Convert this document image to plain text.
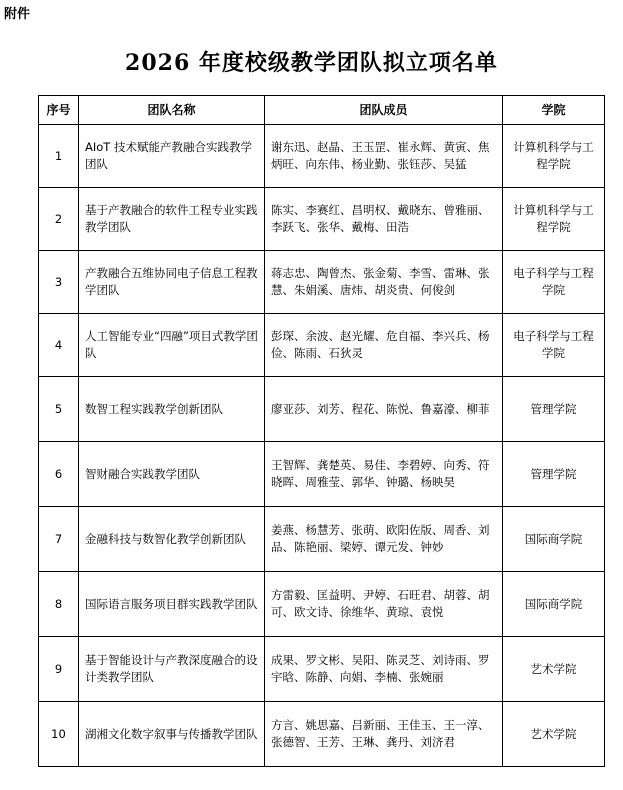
附件
2026 年度校级教学团队拟立项名单
序号	团队名称	团队成员	学院
1	AIoT 技术赋能产教融合实践教学团队	谢东迅、赵晶、王玉罡、崔永辉、黄寅、焦炳旺、向东伟、杨业勤、张钰莎、吴猛	计算机科学与工程学院
2	基于产教融合的软件工程专业实践教学团队	陈实、李赛红、昌明权、戴晓东、曾雅丽、李跃飞、张华、戴梅、田浩	计算机科学与工程学院
3	产教融合五维协同电子信息工程教学团队	蒋志忠、陶曾杰、张金菊、李雪、雷琳、张慧、朱娟溪、唐炜、胡炎贵、何俊剑	电子科学与工程学院
4	人工智能专业“四融”项目式教学团队	彭琛、余波、赵光耀、危自福、李兴兵、杨俭、陈雨、石狄灵	电子科学与工程学院
5	数智工程实践教学创新团队	廖亚莎、刘芳、程花、陈悦、鲁嘉濠、柳菲	管理学院
6	智财融合实践教学团队	王智辉、龚楚英、易佳、李碧婷、向秀、符晓晖、周雅莹、郭华、钟璐、杨映昊	管理学院
7	金融科技与数智化教学创新团队	姜燕、杨慧芳、张萌、欧阳佐版、周香、刘品、陈艳丽、梁婷、谭元发、钟妙	国际商学院
8	国际语言服务项目群实践教学团队	方雷毅、匡益明、尹婷、石旺君、胡蓉、胡可、欧文诗、徐维华、黄琼、袁悦	国际商学院
9	基于智能设计与产教深度融合的设计类教学团队	成果、罗文彬、吴阳、陈灵芝、刘诗雨、罗宇晗、陈静、向娟、李楠、张婉丽	艺术学院
10	湖湘文化数字叙事与传播教学团队	方言、姚思嘉、吕新丽、王佳玉、王一淳、张德智、王芳、王琳、龚丹、刘济君	艺术学院
